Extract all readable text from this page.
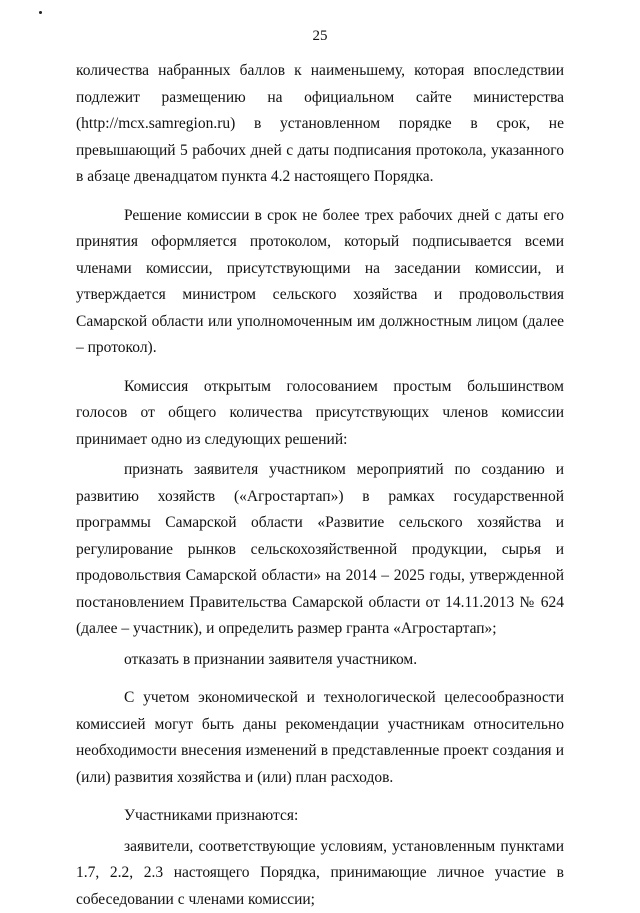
25

количества набранных баллов к наименьшему, которая впоследствии подлежит размещению на официальном сайте министерства (http://mcx.samregion.ru) в установленном порядке в срок, не превышающий 5 рабочих дней с даты подписания протокола, указанного в абзаце двенадцатом пункта 4.2 настоящего Порядка.

Решение комиссии в срок не более трех рабочих дней с даты его принятия оформляется протоколом, который подписывается всеми членами комиссии, присутствующими на заседании комиссии, и утверждается министром сельского хозяйства и продовольствия Самарской области или уполномоченным им должностным лицом (далее – протокол).

Комиссия открытым голосованием простым большинством голосов от общего количества присутствующих членов комиссии принимает одно из следующих решений:

признать заявителя участником мероприятий по созданию и развитию хозяйств («Агростартап») в рамках государственной программы Самарской области «Развитие сельского хозяйства и регулирование рынков сельскохозяйственной продукции, сырья и продовольствия Самарской области» на 2014 – 2025 годы, утвержденной постановлением Правительства Самарской области от 14.11.2013 № 624 (далее – участник), и определить размер гранта «Агростартап»;

отказать в признании заявителя участником.

С учетом экономической и технологической целесообразности комиссией могут быть даны рекомендации участникам относительно необходимости внесения изменений в представленные проект создания и (или) развития хозяйства и (или) план расходов.

Участниками признаются:

заявители, соответствующие условиям, установленным пунктами 1.7, 2.2, 2.3 настоящего Порядка, принимающие личное участие в собеседовании с членами комиссии;
